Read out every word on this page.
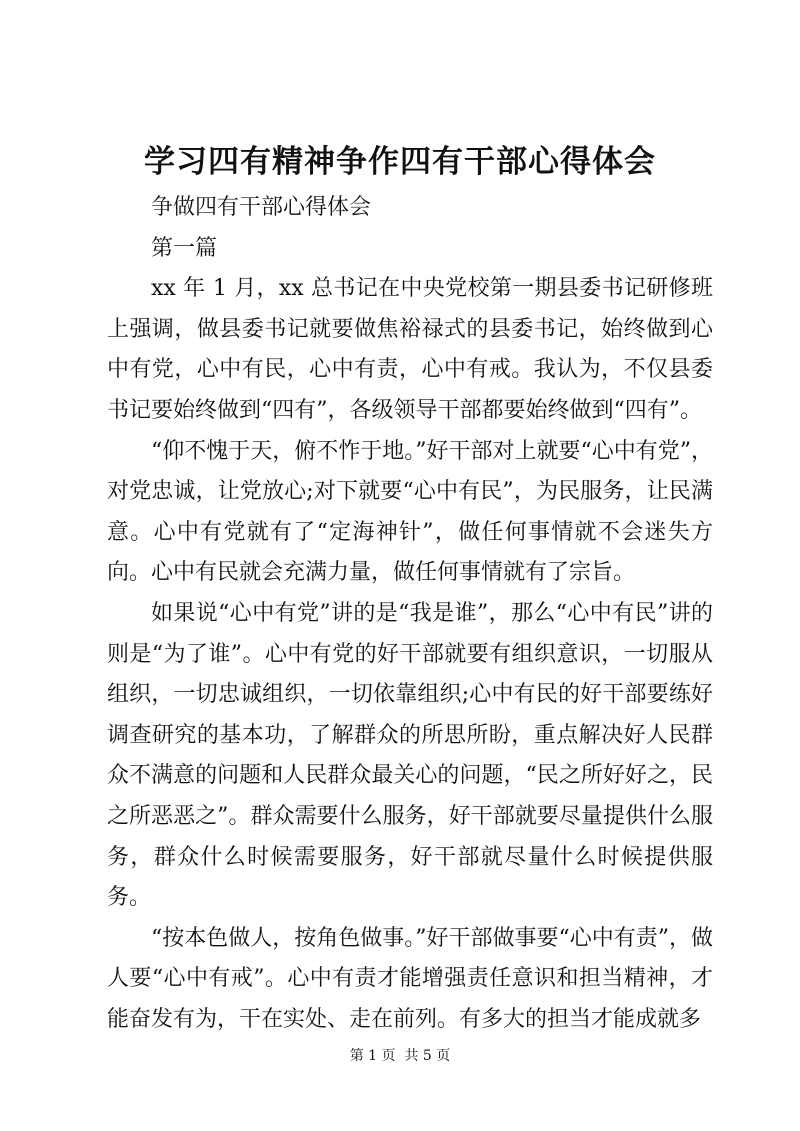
学习四有精神争作四有干部心得体会

争做四有干部心得体会

第一篇

xx 年 1 月，xx 总书记在中央党校第一期县委书记研修班上强调，做县委书记就要做焦裕禄式的县委书记，始终做到心中有党，心中有民，心中有责，心中有戒。我认为，不仅县委书记要始终做到“四有”，各级领导干部都要始终做到“四有”。

“仰不愧于天，俯不怍于地。”好干部对上就要“心中有党”，对党忠诚，让党放心;对下就要“心中有民”，为民服务，让民满意。心中有党就有了“定海神针”，做任何事情就不会迷失方向。心中有民就会充满力量，做任何事情就有了宗旨。

如果说“心中有党”讲的是“我是谁”，那么“心中有民”讲的则是“为了谁”。心中有党的好干部就要有组织意识，一切服从组织，一切忠诚组织，一切依靠组织;心中有民的好干部要练好调查研究的基本功，了解群众的所思所盼，重点解决好人民群众不满意的问题和人民群众最关心的问题，“民之所好好之，民之所恶恶之”。群众需要什么服务，好干部就要尽量提供什么服务，群众什么时候需要服务，好干部就尽量什么时候提供服务。

“按本色做人，按角色做事。”好干部做事要“心中有责”，做人要“心中有戒”。心中有责才能增强责任意识和担当精神，才能奋发有为，干在实处、走在前列。有多大的担当才能成就多

第 1 页  共 5 页
